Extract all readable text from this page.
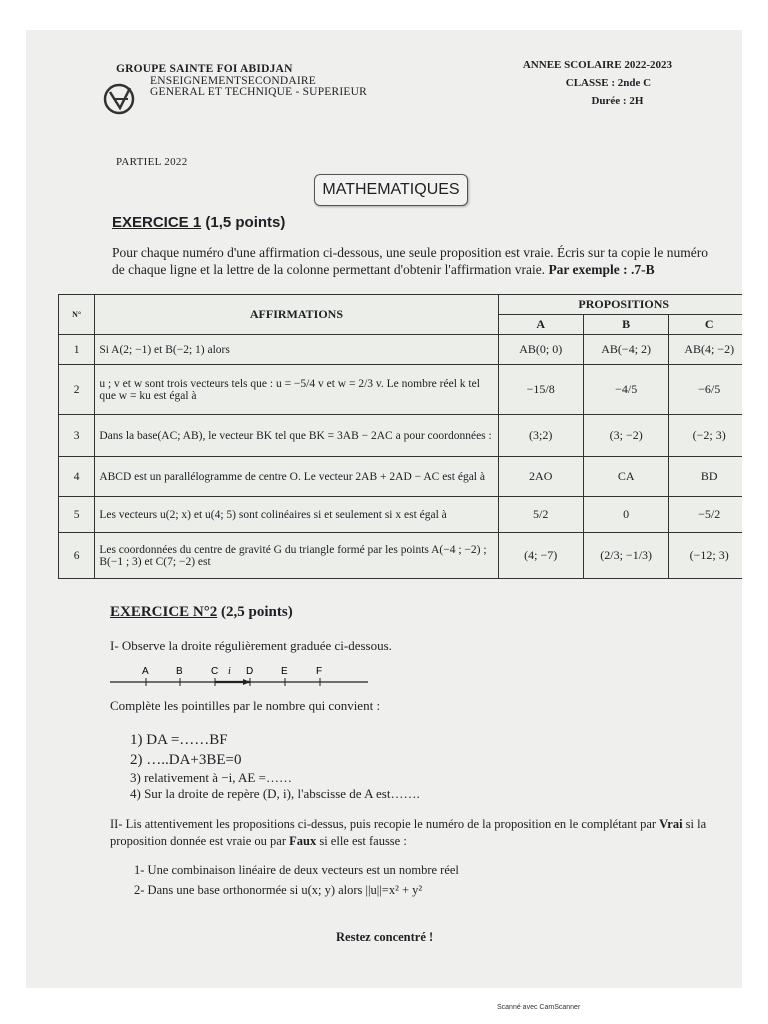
GROUPE SAINTE FOI ABIDJAN
ENSEIGNEMENTSECONDAIRE
GENERAL ET TECHNIQUE - SUPERIEUR
ANNEE SCOLAIRE 2022-2023
CLASSE : 2nde C
Durée : 2H
PARTIEL 2022
MATHEMATIQUES
EXERCICE 1 (1,5 points)
Pour chaque numéro d'une affirmation ci-dessous, une seule proposition est vraie. Écris sur ta copie le numéro de chaque ligne et la lettre de la colonne permettant d'obtenir l'affirmation vraie. Par exemple : .7-B
N°	AFFIRMATIONS	PROPOSITIONS		
		A	B	C
1	Si A(2; −1) et B(−2; 1) alors	AB(0; 0)	AB(−4; 2)	AB(4; −2)
2	u ; v et w sont trois vecteurs tels que : u = −5/4 v et w = 2/3 v. Le nombre réel k tel que w = ku est égal à	−15/8	−4/5	−6/5
3	Dans la base(AC; AB), le vecteur BK tel que BK = 3AB − 2AC a pour coordonnées :	(3;2)	(3; −2)	(−2; 3)
4	ABCD est un parallélogramme de centre O. Le vecteur 2AB + 2AD − AC est égal à	2AO	CA	BD
5	Les vecteurs u(2; x) et u(4; 5) sont colinéaires si et seulement si x est égal à	5/2	0	−5/2
6	Les coordonnées du centre de gravité G du triangle formé par les points A(−4 ; −2) ; B(−1 ; 3) et C(7; −2) est	(4; −7)	(2/3; −1/3)	(−12; 3)
EXERCICE N°2 (2,5 points)
I- Observe la droite régulièrement graduée ci-dessous.
A	B	C i D	E	F
Complète les pointilles par le nombre qui convient :
1) DA =……BF
2) …..DA+3BE=0
3) relativement à −i, AE =……
4) Sur la droite de repère (D, i), l'abscisse de A est…….
II- Lis attentivement les propositions ci-dessus, puis recopie le numéro de la proposition en le complétant par Vrai si la proposition donnée est vraie ou par Faux si elle est fausse :
1- Une combinaison linéaire de deux vecteurs est un nombre réel
2- Dans une base orthonormée si u(x; y) alors ||u||=x² + y²
Restez concentré !
Scanné avec CamScanner
